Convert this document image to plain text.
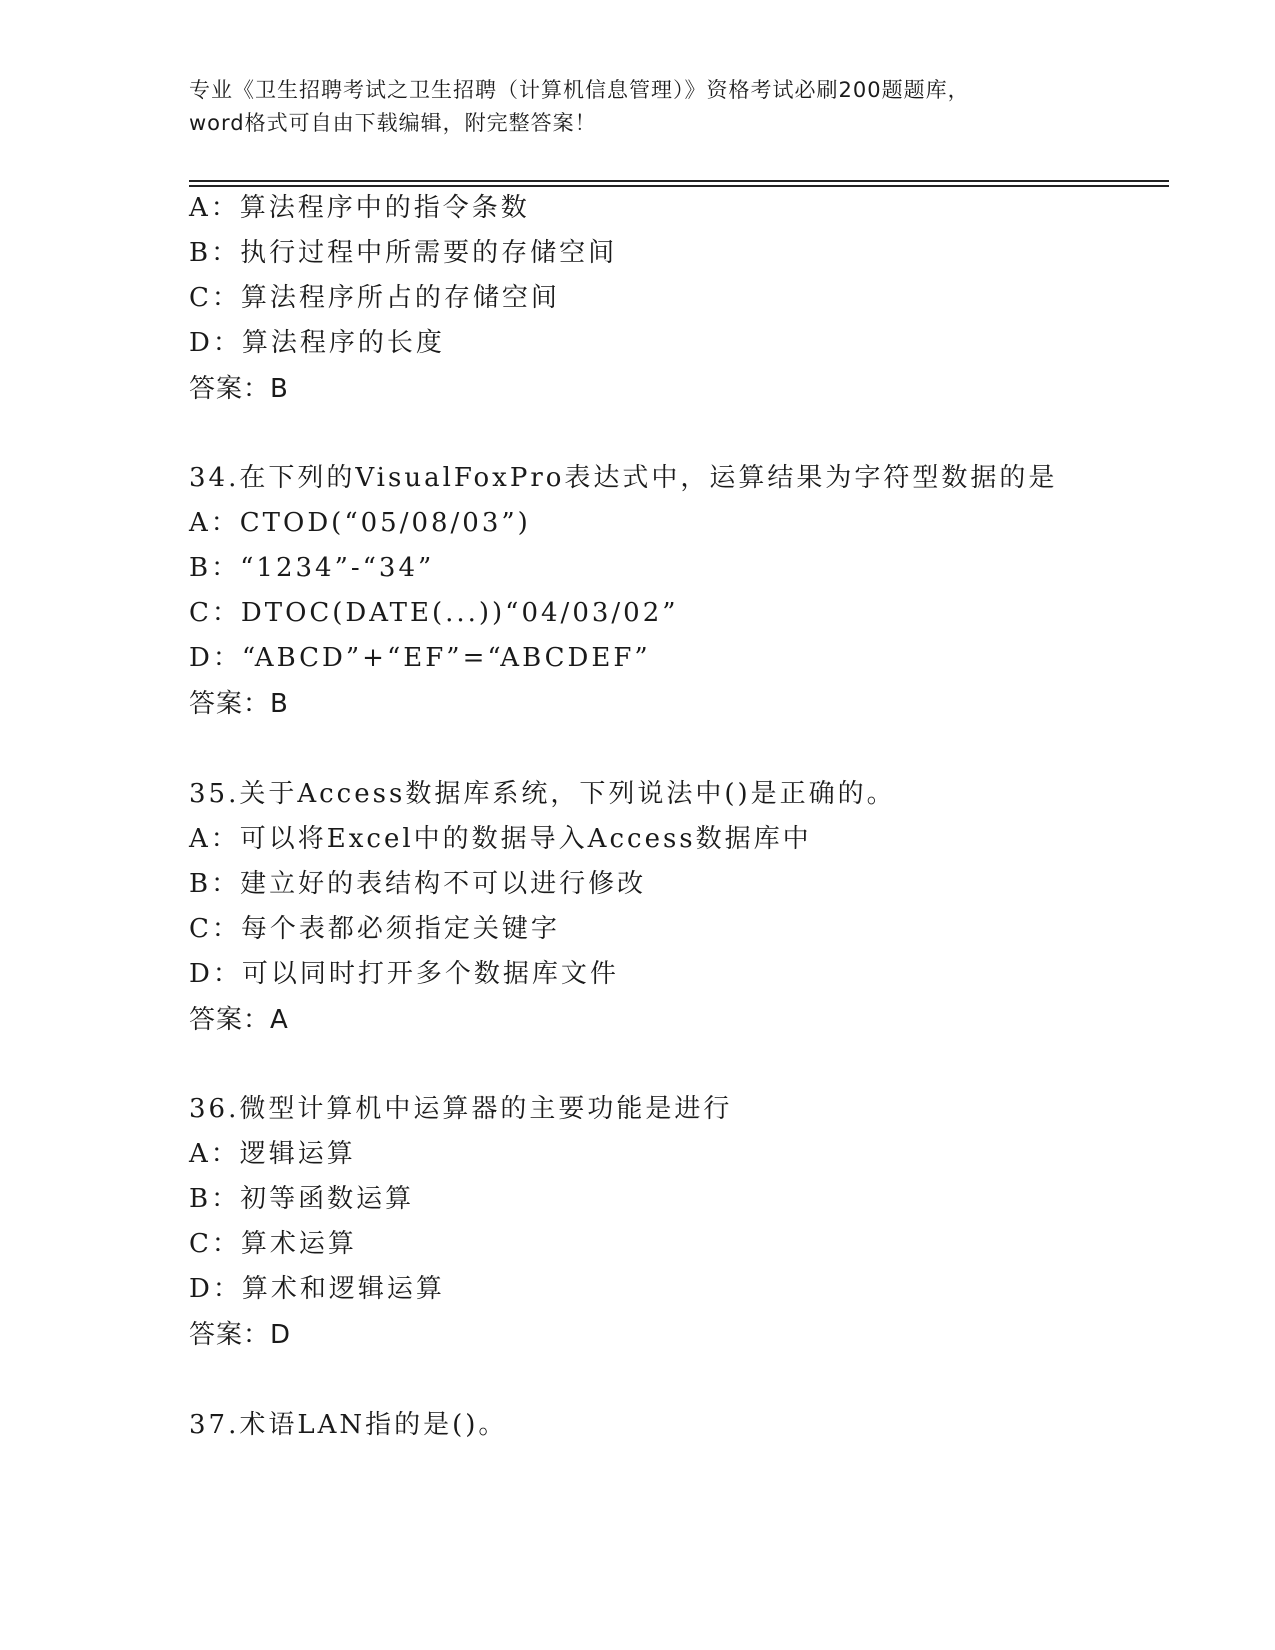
专业《卫生招聘考试之卫生招聘（计算机信息管理）》资格考试必刷200题题库，
word格式可自由下载编辑，附完整答案！
A：算法程序中的指令条数
B：执行过程中所需要的存储空间
C：算法程序所占的存储空间
D：算法程序的长度
答案：B
34.在下列的VisualFoxPro表达式中，运算结果为字符型数据的是
A：CTOD(“05/08/03”)
B：“1234”-“34”
C：DTOC(DATE(...))“04/03/02”
D：“ABCD”+“EF”=“ABCDEF”
答案：B
35.关于Access数据库系统，下列说法中()是正确的。
A：可以将Excel中的数据导入Access数据库中
B：建立好的表结构不可以进行修改
C：每个表都必须指定关键字
D：可以同时打开多个数据库文件
答案：A
36.微型计算机中运算器的主要功能是进行
A：逻辑运算
B：初等函数运算
C：算术运算
D：算术和逻辑运算
答案：D
37.术语LAN指的是()。
